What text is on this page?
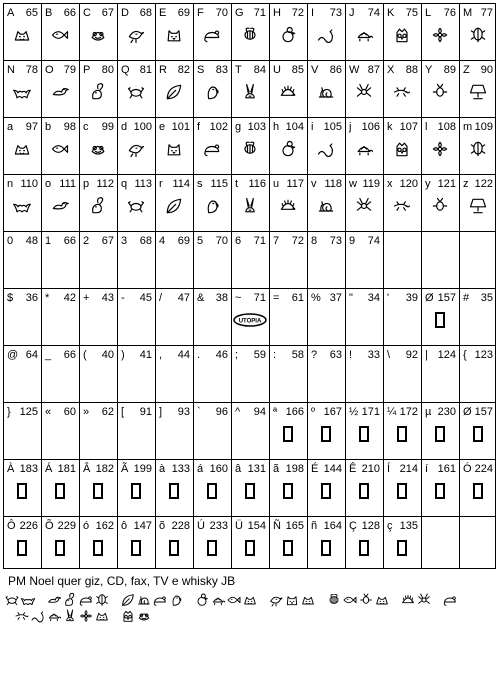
A 65 B 66 C 67 D 68 E 69 F 70 G 71 H 72 I 73 J 74 K 75 L 76 M 77
N 78 O 79 P 80 Q 81 R 82 S 83 T 84 U 85 V 86 W 87 X 88 Y 89 Z 90
a 97 b 98 c 99 d 100 e 101 f 102 g 103 h 104 i 105 j 106 k 107 l 108 m 109
n 110 o 111 p 112 q 113 r 114 s 115 t 116 u 117 v 118 w 119 x 120 y 121 z 122
0 48 1 66 2 67 3 68 4 69 5 70 6 71 7 72 8 73 9 74
$ 36 * 42 + 43 - 45 / 47 & 38 ~ 71
UTOPIA
= 61 % 37 " 34 ' 39 Ø 157 # 35
@ 64 _ 66 ( 40 ) 41 , 44 . 46 ; 59 : 58 ? 63 ! 33 \ 92 | 124 { 123
} 125 « 60 » 62 [ 91 ] 93 ` 96 ^ 94 ª 166 º 167 ½ 171 ¼ 172 µ 230 Ø 157
À 183 Á 181 Â 182 Ã 199 à 133 á 160 â 131 ã 198 É 144 Ê 210 Í 214 í 161 Ó 224
Ô 226 Õ 229 ó 162 ô 147 õ 228 Ú 233 Ü 154 Ñ 165 ñ 164 Ç 128 ç 135
PM Noel quer giz, CD, fax, TV e whisky JB
